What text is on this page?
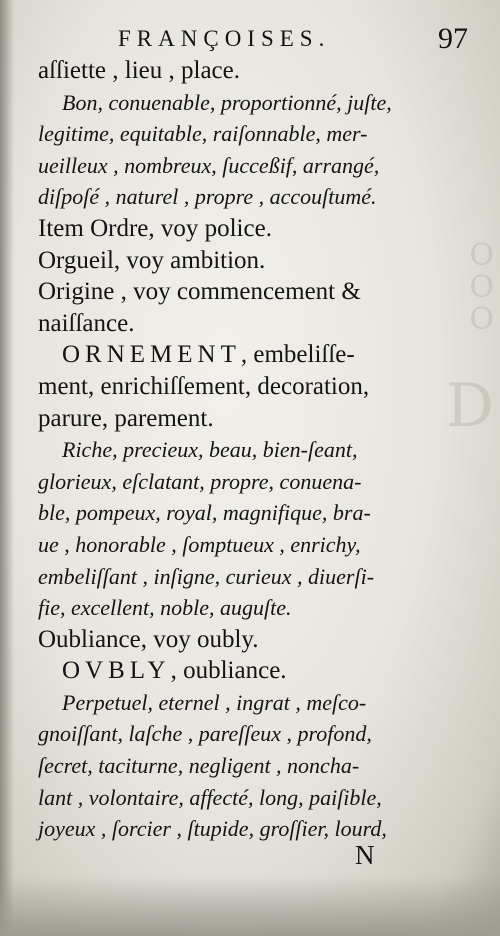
O
O
O
D
FRANÇOISES.	97
aſſiette , lieu , place.
Bon, conuenable, proportionné, juſte,
legitime, equitable, raiſonnable, mer-
ueilleux , nombreux, ſucceßif, arrangé,
diſpoſé , naturel , propre , accouſtumé.
Item Ordre, voy police.
Orgueil, voy ambition.
Origine , voy commencement &
naiſſance.
ORNEMENT, embeliſſe-
ment, enrichiſſement, decoration,
parure, parement.
Riche, precieux, beau, bien-ſeant,
glorieux, eſclatant, propre, conuena-
ble, pompeux, royal, magnifique, bra-
ue , honorable , ſomptueux , enrichy,
embeliſſant , inſigne, curieux , diuerſi-
fie, excellent, noble, auguſte.
Oubliance, voy oubly.
OVBLY, oubliance.
Perpetuel, eternel , ingrat , meſco-
gnoiſſant, laſche , pareſſeux , profond,
ſecret, taciturne, negligent , noncha-
lant , volontaire, affecté, long, paiſible,
joyeux , ſorcier , ſtupide, groſſier, lourd,
N
